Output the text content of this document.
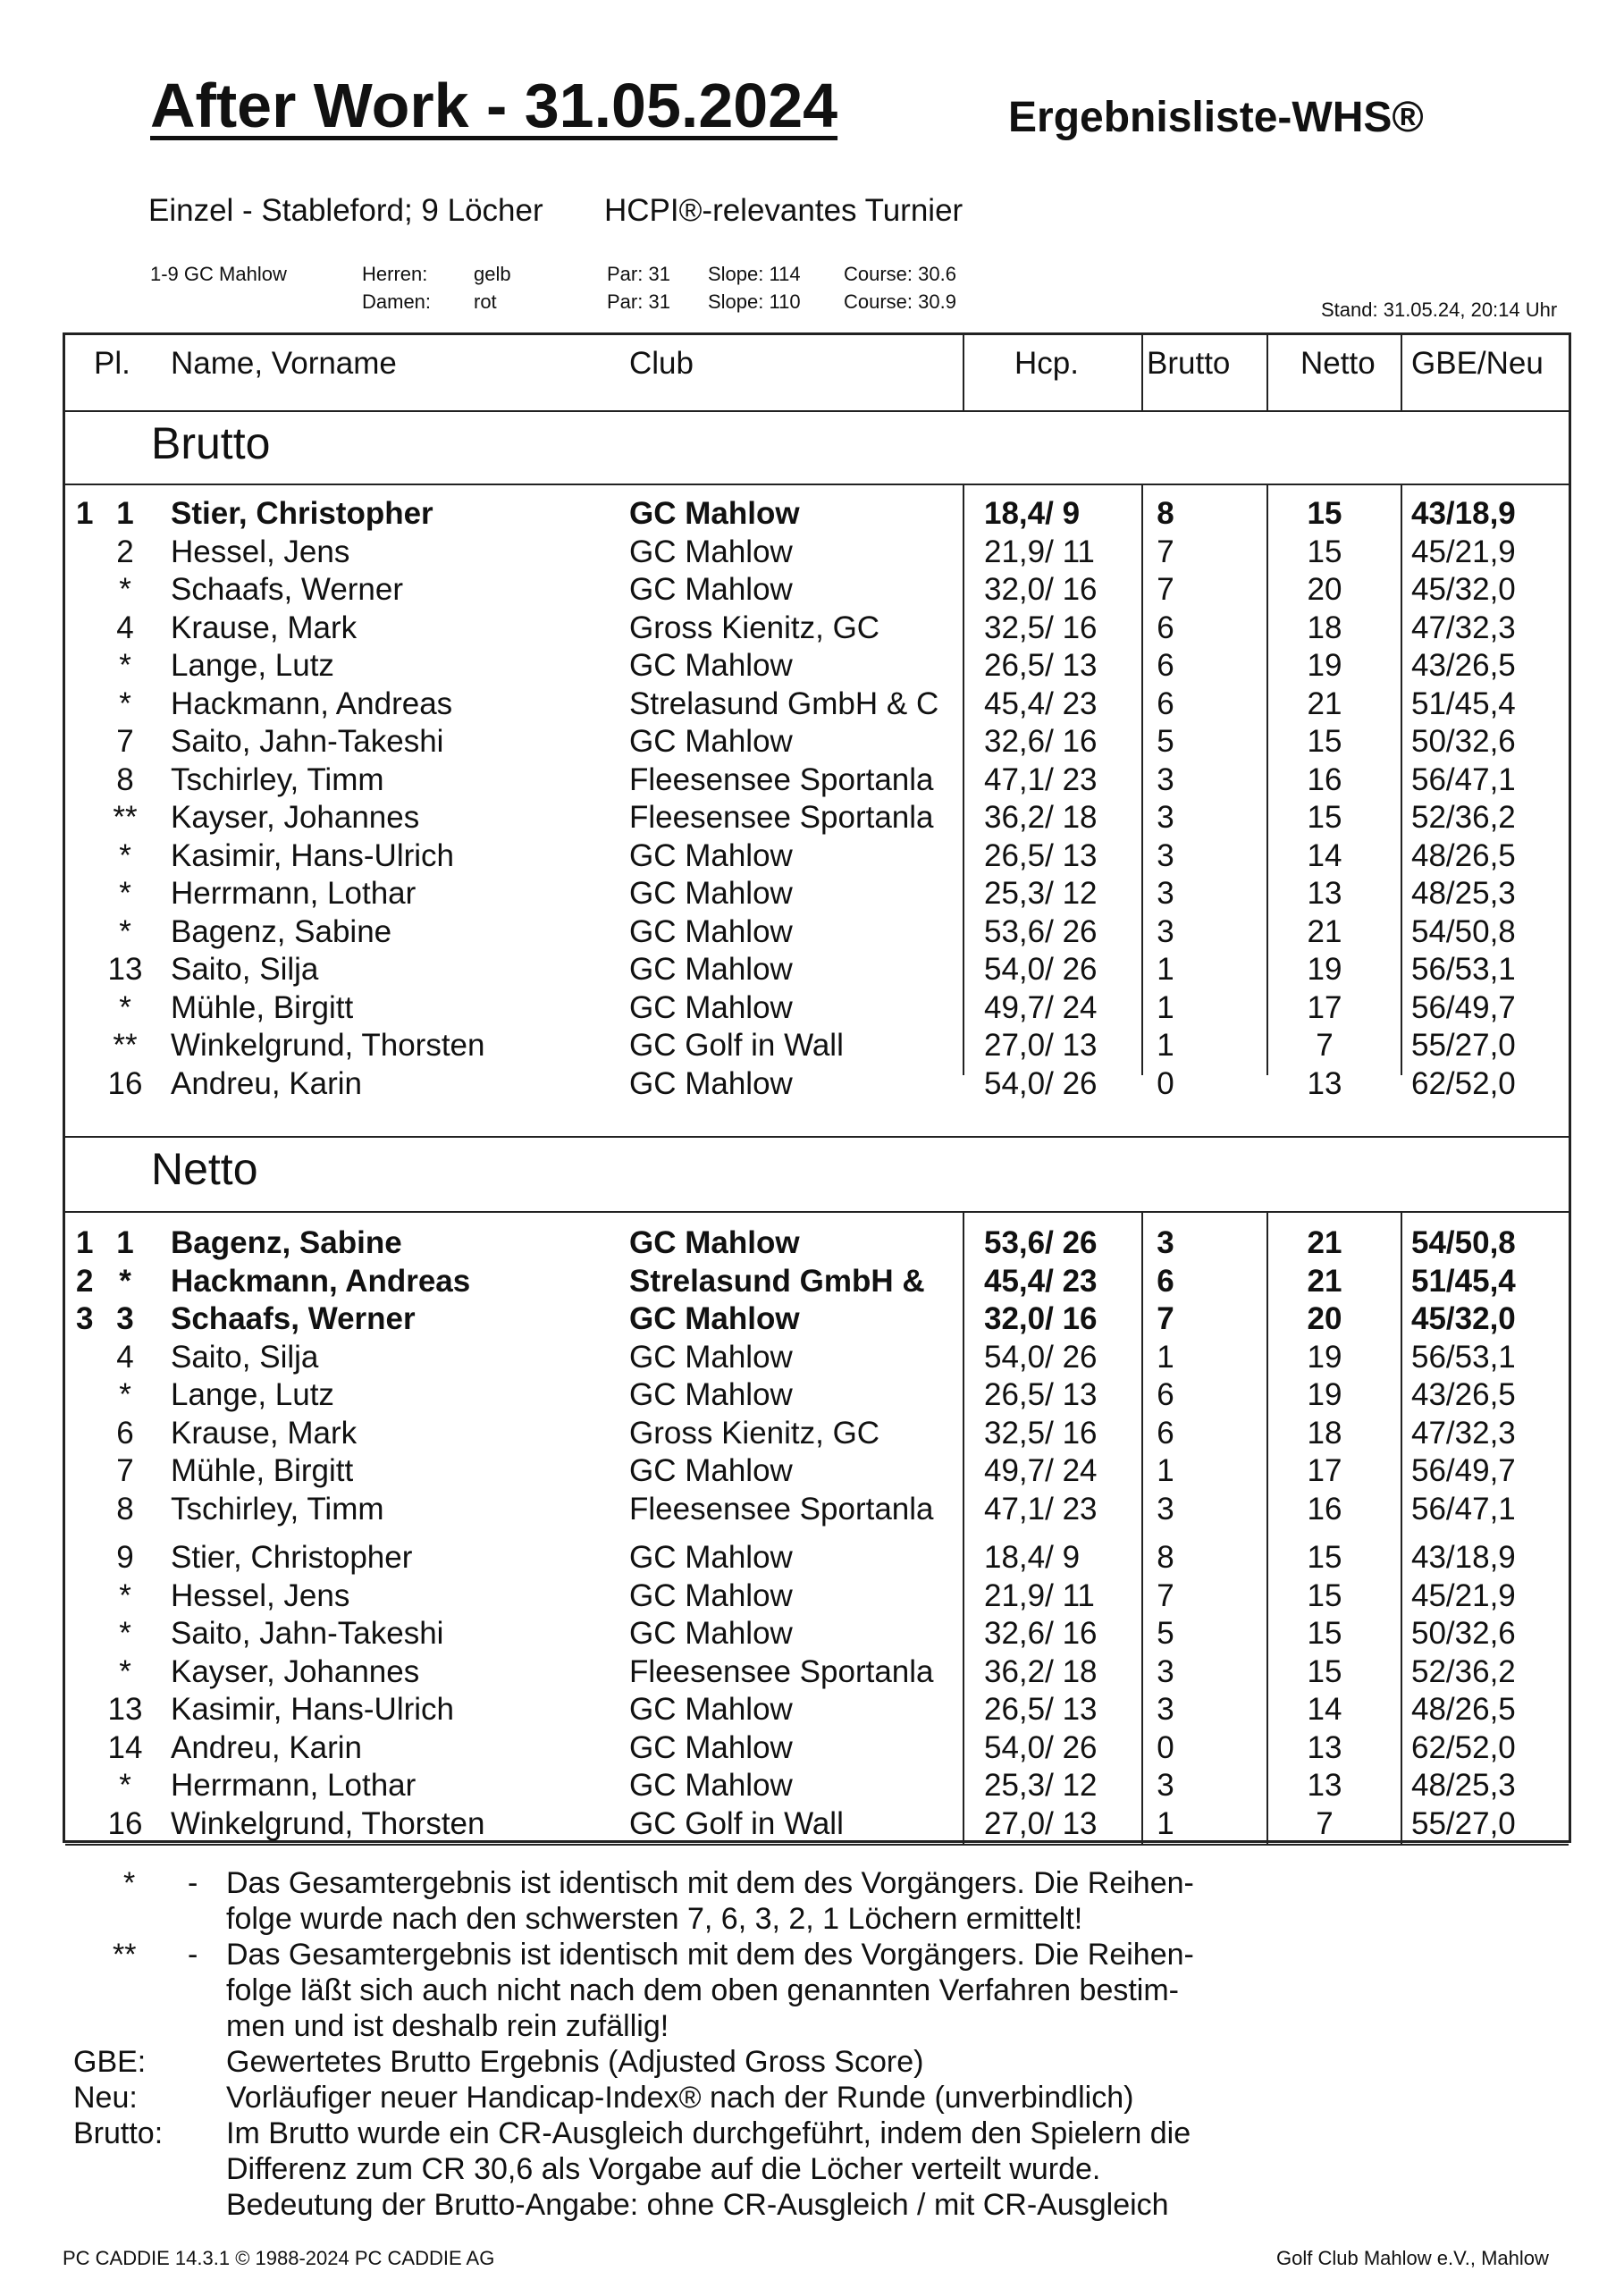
After Work - 31.05.2024	Ergebnisliste-WHS®
Einzel - Stableford; 9 Löcher HCPI®-relevantes Turnier
1-9 GC Mahlow	Herren: gelb	Par: 31 Slope: 114 Course: 30.6
Damen: rot	Par: 31 Slope: 110 Course: 30.9	Stand: 31.05.24, 20:14 Uhr
Pl. Name, Vorname	Club	Hcp. Brutto Netto GBE/Neu
Brutto
Netto
1 1	Stier, Christopher	GC Mahlow	18,4/ 9	8	15	43/18,9
2	Hessel, Jens	GC Mahlow	21,9/ 11	7	15	45/21,9
*	Schaafs, Werner	GC Mahlow	32,0/ 16	7	20	45/32,0
4	Krause, Mark	Gross Kienitz, GC	32,5/ 16	6	18	47/32,3
*	Lange, Lutz	GC Mahlow	26,5/ 13	6	19	43/26,5
*	Hackmann, Andreas	Strelasund GmbH & C	45,4/ 23	6	21	51/45,4
7	Saito, Jahn-Takeshi	GC Mahlow	32,6/ 16	5	15	50/32,6
8	Tschirley, Timm	Fleesensee Sportanla	47,1/ 23	3	16	56/47,1
**	Kayser, Johannes	Fleesensee Sportanla	36,2/ 18	3	15	52/36,2
*	Kasimir, Hans-Ulrich	GC Mahlow	26,5/ 13	3	14	48/26,5
*	Herrmann, Lothar	GC Mahlow	25,3/ 12	3	13	48/25,3
*	Bagenz, Sabine	GC Mahlow	53,6/ 26	3	21	54/50,8
13 Saito, Silja	GC Mahlow	54,0/ 26	1	19	56/53,1
*	Mühle, Birgitt	GC Mahlow	49,7/ 24	1	17	56/49,7
**	Winkelgrund, Thorsten	GC Golf in Wall	27,0/ 13	1	7	55/27,0
16 Andreu, Karin	GC Mahlow	54,0/ 26	0	13	62/52,0
1 1	Bagenz, Sabine	GC Mahlow	53,6/ 26	3	21	54/50,8
2 *	Hackmann, Andreas	Strelasund GmbH &	45,4/ 23	6	21	51/45,4
3 3	Schaafs, Werner	GC Mahlow	32,0/ 16	7	20	45/32,0
4	Saito, Silja	GC Mahlow	54,0/ 26	1	19	56/53,1
*	Lange, Lutz	GC Mahlow	26,5/ 13	6	19	43/26,5
6	Krause, Mark	Gross Kienitz, GC	32,5/ 16	6	18	47/32,3
7	Mühle, Birgitt	GC Mahlow	49,7/ 24	1	17	56/49,7
8	Tschirley, Timm	Fleesensee Sportanla	47,1/ 23	3	16	56/47,1
9	Stier, Christopher	GC Mahlow	18,4/ 9	8	15	43/18,9
*	Hessel, Jens	GC Mahlow	21,9/ 11	7	15	45/21,9
*	Saito, Jahn-Takeshi	GC Mahlow	32,6/ 16	5	15	50/32,6
*	Kayser, Johannes	Fleesensee Sportanla	36,2/ 18	3	15	52/36,2
13 Kasimir, Hans-Ulrich	GC Mahlow	26,5/ 13	3	14	48/26,5
14 Andreu, Karin	GC Mahlow	54,0/ 26	0	13	62/52,0
*	Herrmann, Lothar	GC Mahlow	25,3/ 12	3	13	48/25,3
16 Winkelgrund, Thorsten	GC Golf in Wall	27,0/ 13	1	7	55/27,0
* - Das Gesamtergebnis ist identisch mit dem des Vorgängers. Die Reihen-
folge wurde nach den schwersten 7, 6, 3, 2, 1 Löchern ermittelt!
** - Das Gesamtergebnis ist identisch mit dem des Vorgängers. Die Reihen-
folge läßt sich auch nicht nach dem oben genannten Verfahren bestim-
men und ist deshalb rein zufällig!
GBE:	Gewertetes Brutto Ergebnis (Adjusted Gross Score)
Neu:	Vorläufiger neuer Handicap-Index® nach der Runde (unverbindlich)
Brutto: Im Brutto wurde ein CR-Ausgleich durchgeführt, indem den Spielern die
Differenz zum CR 30,6 als Vorgabe auf die Löcher verteilt wurde.
Bedeutung der Brutto-Angabe: ohne CR-Ausgleich / mit CR-Ausgleich
PC CADDIE 14.3.1 © 1988-2024 PC CADDIE AG	Golf Club Mahlow e.V., Mahlow
